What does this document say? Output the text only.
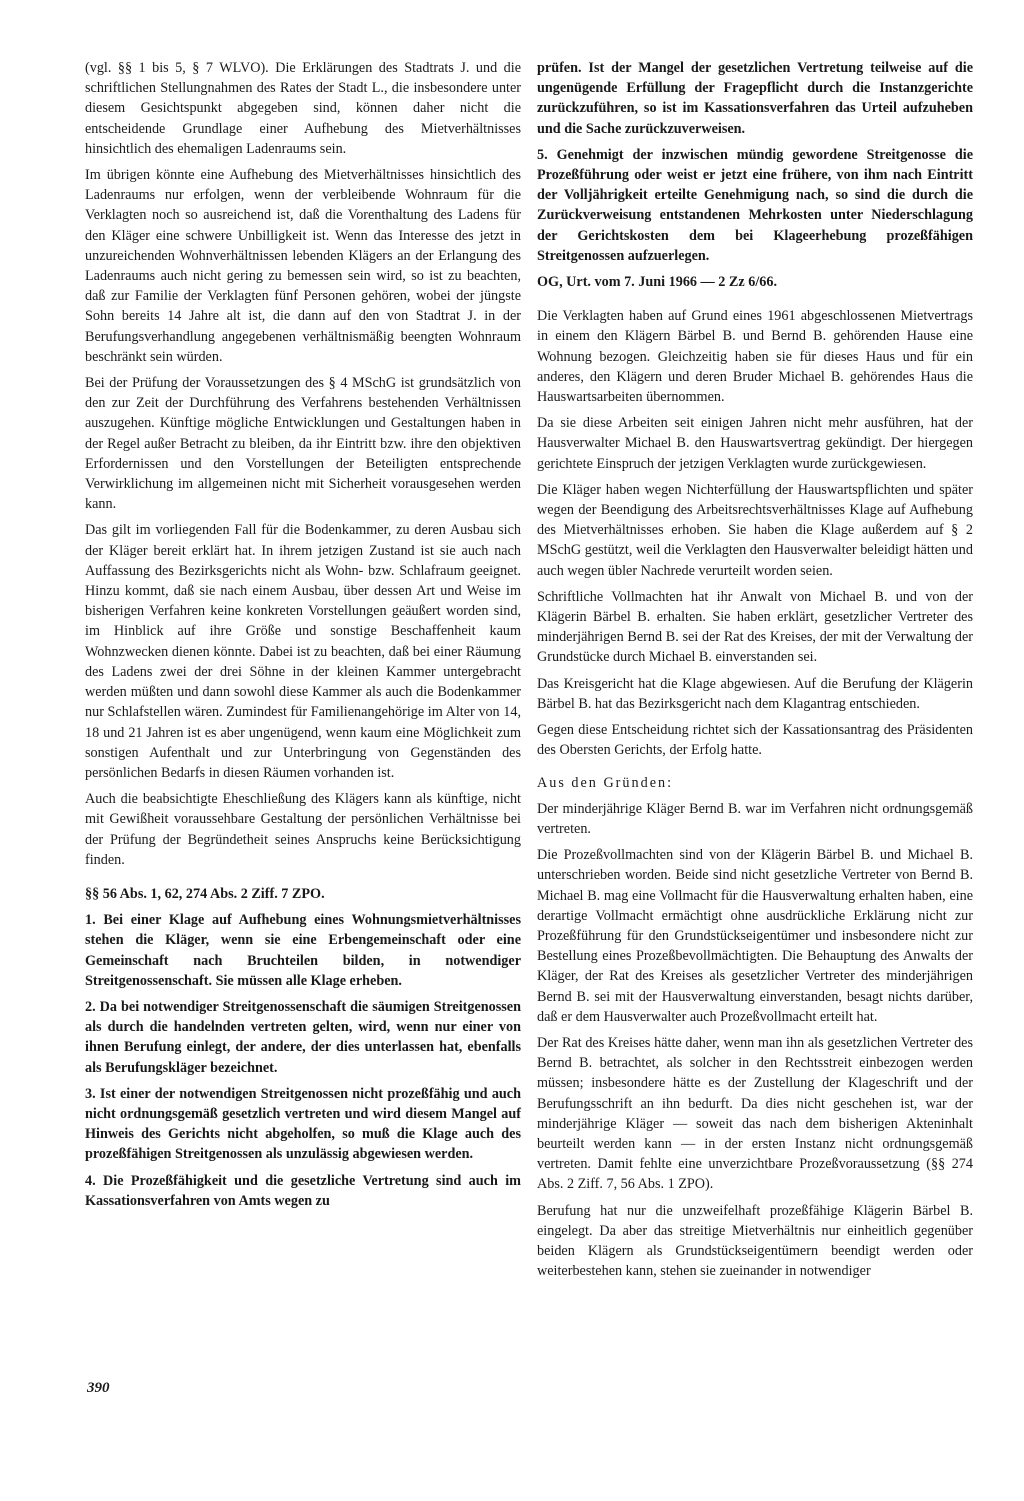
(vgl. §§ 1 bis 5, § 7 WLVO). Die Erklärungen des Stadtrats J. und die schriftlichen Stellungnahmen des Rates der Stadt L., die insbesondere unter diesem Gesichtspunkt abgegeben sind, können daher nicht die entscheidende Grundlage einer Aufhebung des Mietverhältnisses hinsichtlich des ehemaligen Ladenraums sein.

Im übrigen könnte eine Aufhebung des Mietverhältnisses hinsichtlich des Ladenraums nur erfolgen, wenn der verbleibende Wohnraum für die Verklagten noch so ausreichend ist, daß die Vorenthaltung des Ladens für den Kläger eine schwere Unbilligkeit ist. Wenn das Interesse des jetzt in unzureichenden Wohnverhältnissen lebenden Klägers an der Erlangung des Ladenraums auch nicht gering zu bemessen sein wird, so ist zu beachten, daß zur Familie der Verklagten fünf Personen gehören, wobei der jüngste Sohn bereits 14 Jahre alt ist, die dann auf den von Stadtrat J. in der Berufungsverhandlung angegebenen verhältnismäßig beengten Wohnraum beschränkt sein würden.

Bei der Prüfung der Voraussetzungen des § 4 MSchG ist grundsätzlich von den zur Zeit der Durchführung des Verfahrens bestehenden Verhältnissen auszugehen. Künftige mögliche Entwicklungen und Gestaltungen haben in der Regel außer Betracht zu bleiben, da ihr Eintritt bzw. ihre den objektiven Erfordernissen und den Vorstellungen der Beteiligten entsprechende Verwirklichung im allgemeinen nicht mit Sicherheit vorausgesehen werden kann.

Das gilt im vorliegenden Fall für die Bodenkammer, zu deren Ausbau sich der Kläger bereit erklärt hat. In ihrem jetzigen Zustand ist sie auch nach Auffassung des Bezirksgerichts nicht als Wohn- bzw. Schlafraum geeignet. Hinzu kommt, daß sie nach einem Ausbau, über dessen Art und Weise im bisherigen Verfahren keine konkreten Vorstellungen geäußert worden sind, im Hinblick auf ihre Größe und sonstige Beschaffenheit kaum Wohnzwecken dienen könnte. Dabei ist zu beachten, daß bei einer Räumung des Ladens zwei der drei Söhne in der kleinen Kammer untergebracht werden müßten und dann sowohl diese Kammer als auch die Bodenkammer nur Schlafstellen wären. Zumindest für Familienangehörige im Alter von 14, 18 und 21 Jahren ist es aber ungenügend, wenn kaum eine Möglichkeit zum sonstigen Aufenthalt und zur Unterbringung von Gegenständen des persönlichen Bedarfs in diesen Räumen vorhanden ist.

Auch die beabsichtigte Eheschließung des Klägers kann als künftige, nicht mit Gewißheit voraussehbare Gestaltung der persönlichen Verhältnisse bei der Prüfung der Begründetheit seines Anspruchs keine Berücksichtigung finden.

§§ 56 Abs. 1, 62, 274 Abs. 2 Ziff. 7 ZPO.

1. Bei einer Klage auf Aufhebung eines Wohnungsmietverhältnisses stehen die Kläger, wenn sie eine Erbengemeinschaft oder eine Gemeinschaft nach Bruchteilen bilden, in notwendiger Streitgenossenschaft. Sie müssen alle Klage erheben.

2. Da bei notwendiger Streitgenossenschaft die säumigen Streitgenossen als durch die handelnden vertreten gelten, wird, wenn nur einer von ihnen Berufung einlegt, der andere, der dies unterlassen hat, ebenfalls als Berufungskläger bezeichnet.

3. Ist einer der notwendigen Streitgenossen nicht prozeßfähig und auch nicht ordnungsgemäß gesetzlich vertreten und wird diesem Mangel auf Hinweis des Gerichts nicht abgeholfen, so muß die Klage auch des prozeßfähigen Streitgenossen als unzulässig abgewiesen werden.

4. Die Prozeßfähigkeit und die gesetzliche Vertretung sind auch im Kassationsverfahren von Amts wegen zu

prüfen. Ist der Mangel der gesetzlichen Vertretung teilweise auf die ungenügende Erfüllung der Fragepflicht durch die Instanzgerichte zurückzuführen, so ist im Kassationsverfahren das Urteil aufzuheben und die Sache zurückzuverweisen.

5. Genehmigt der inzwischen mündig gewordene Streitgenosse die Prozeßführung oder weist er jetzt eine frühere, von ihm nach Eintritt der Volljährigkeit erteilte Genehmigung nach, so sind die durch die Zurückverweisung entstandenen Mehrkosten unter Niederschlagung der Gerichtskosten dem bei Klageerhebung prozeßfähigen Streitgenossen aufzuerlegen.

OG, Urt. vom 7. Juni 1966 — 2 Zz 6/66.

Die Verklagten haben auf Grund eines 1961 abgeschlossenen Mietvertrags in einem den Klägern Bärbel B. und Bernd B. gehörenden Hause eine Wohnung bezogen. Gleichzeitig haben sie für dieses Haus und für ein anderes, den Klägern und deren Bruder Michael B. gehörendes Haus die Hauswartsarbeiten übernommen.

Da sie diese Arbeiten seit einigen Jahren nicht mehr ausführen, hat der Hausverwalter Michael B. den Hauswartsvertrag gekündigt. Der hiergegen gerichtete Einspruch der jetzigen Verklagten wurde zurückgewiesen.

Die Kläger haben wegen Nichterfüllung der Hauswartspflichten und später wegen der Beendigung des Arbeitsrechtsverhältnisses Klage auf Aufhebung des Mietverhältnisses erhoben. Sie haben die Klage außerdem auf § 2 MSchG gestützt, weil die Verklagten den Hausverwalter beleidigt hätten und auch wegen übler Nachrede verurteilt worden seien.

Schriftliche Vollmachten hat ihr Anwalt von Michael B. und von der Klägerin Bärbel B. erhalten. Sie haben erklärt, gesetzlicher Vertreter des minderjährigen Bernd B. sei der Rat des Kreises, der mit der Verwaltung der Grundstücke durch Michael B. einverstanden sei.

Das Kreisgericht hat die Klage abgewiesen. Auf die Berufung der Klägerin Bärbel B. hat das Bezirksgericht nach dem Klagantrag entschieden.

Gegen diese Entscheidung richtet sich der Kassationsantrag des Präsidenten des Obersten Gerichts, der Erfolg hatte.

Aus den Gründen:

Der minderjährige Kläger Bernd B. war im Verfahren nicht ordnungsgemäß vertreten.

Die Prozeßvollmachten sind von der Klägerin Bärbel B. und Michael B. unterschrieben worden. Beide sind nicht gesetzliche Vertreter von Bernd B. Michael B. mag eine Vollmacht für die Hausverwaltung erhalten haben, eine derartige Vollmacht ermächtigt ohne ausdrückliche Erklärung nicht zur Prozeßführung für den Grundstückseigentümer und insbesondere nicht zur Bestellung eines Prozeßbevollmächtigten. Die Behauptung des Anwalts der Kläger, der Rat des Kreises als gesetzlicher Vertreter des minderjährigen Bernd B. sei mit der Hausverwaltung einverstanden, besagt nichts darüber, daß er dem Hausverwalter auch Prozeßvollmacht erteilt hat.

Der Rat des Kreises hätte daher, wenn man ihn als gesetzlichen Vertreter des Bernd B. betrachtet, als solcher in den Rechtsstreit einbezogen werden müssen; insbesondere hätte es der Zustellung der Klageschrift und der Berufungsschrift an ihn bedurft. Da dies nicht geschehen ist, war der minderjährige Kläger — soweit das nach dem bisherigen Akteninhalt beurteilt werden kann — in der ersten Instanz nicht ordnungsgemäß vertreten. Damit fehlte eine unverzichtbare Prozeßvoraussetzung (§§ 274 Abs. 2 Ziff. 7, 56 Abs. 1 ZPO).

Berufung hat nur die unzweifelhaft prozeßfähige Klägerin Bärbel B. eingelegt. Da aber das streitige Mietverhältnis nur einheitlich gegenüber beiden Klägern als Grundstückseigentümern beendigt werden oder weiterbestehen kann, stehen sie zueinander in notwendiger

390
